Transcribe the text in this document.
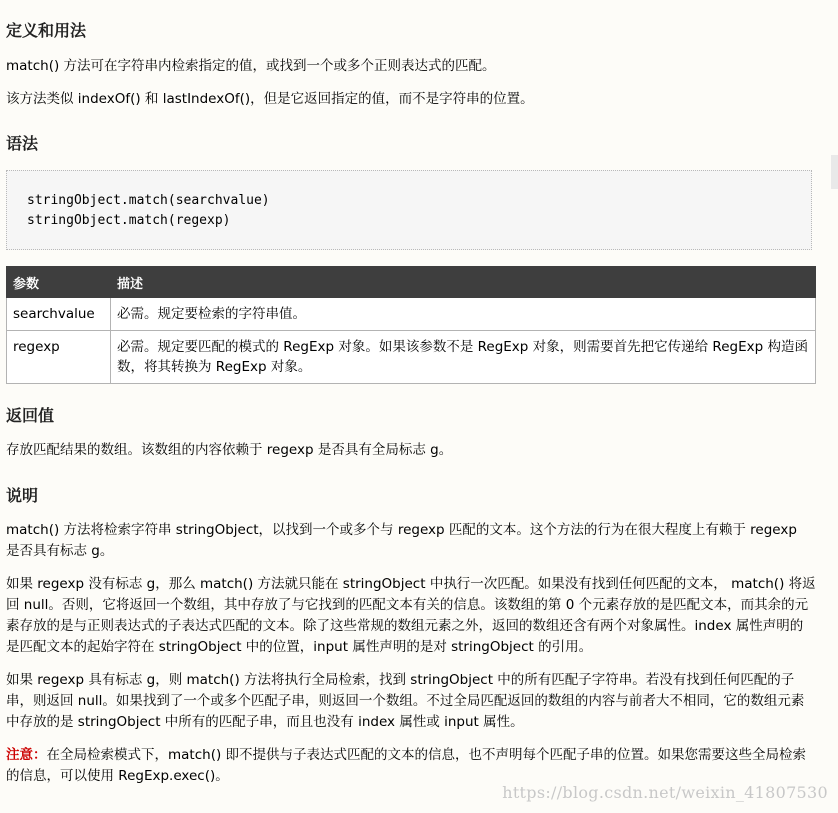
定义和用法

match() 方法可在字符串内检索指定的值，或找到一个或多个正则表达式的匹配。

该方法类似 indexOf() 和 lastIndexOf()，但是它返回指定的值，而不是字符串的位置。

语法
stringObject.match(searchvalue)
stringObject.match(regexp)
参数	描述
searchvalue	必需。规定要检索的字符串值。
regexp	必需。规定要匹配的模式的 RegExp 对象。如果该参数不是 RegExp 对象，则需要首先把它传递给 RegExp 构造函数，将其转换为 RegExp 对象。
返回值

存放匹配结果的数组。该数组的内容依赖于 regexp 是否具有全局标志 g。

说明

match() 方法将检索字符串 stringObject，以找到一个或多个与 regexp 匹配的文本。这个方法的行为在很大程度上有赖于 regexp 是否具有标志 g。

如果 regexp 没有标志 g，那么 match() 方法就只能在 stringObject 中执行一次匹配。如果没有找到任何匹配的文本， match() 将返回 null。否则，它将返回一个数组，其中存放了与它找到的匹配文本有关的信息。该数组的第 0 个元素存放的是匹配文本，而其余的元素存放的是与正则表达式的子表达式匹配的文本。除了这些常规的数组元素之外，返回的数组还含有两个对象属性。index 属性声明的是匹配文本的起始字符在 stringObject 中的位置，input 属性声明的是对 stringObject 的引用。

如果 regexp 具有标志 g，则 match() 方法将执行全局检索，找到 stringObject 中的所有匹配子字符串。若没有找到任何匹配的子串，则返回 null。如果找到了一个或多个匹配子串，则返回一个数组。不过全局匹配返回的数组的内容与前者大不相同，它的数组元素中存放的是 stringObject 中所有的匹配子串，而且也没有 index 属性或 input 属性。

注意：在全局检索模式下，match() 即不提供与子表达式匹配的文本的信息，也不声明每个匹配子串的位置。如果您需要这些全局检索的信息，可以使用 RegExp.exec()。

https://blog.csdn.net/weixin_41807530
